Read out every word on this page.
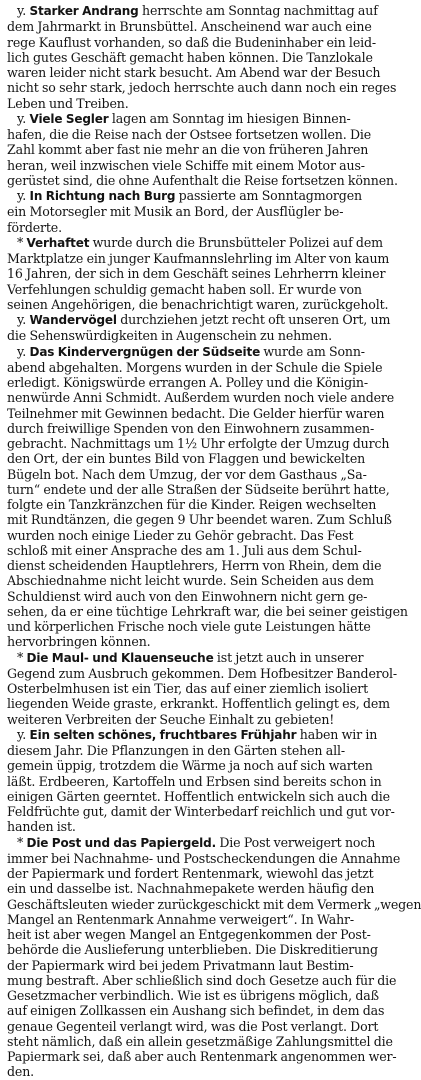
y. Starker Andrang herrschte am Sonntag nachmittag auf
dem Jahrmarkt in Brunsbüttel. Anscheinend war auch eine
rege Kauflust vorhanden, so daß die Budeninhaber ein leid-
lich gutes Geschäft gemacht haben können. Die Tanzlokale
waren leider nicht stark besucht. Am Abend war der Besuch
nicht so sehr stark, jedoch herrschte auch dann noch ein reges
Leben und Treiben.

y. Viele Segler lagen am Sonntag im hiesigen Binnen-
hafen, die die Reise nach der Ostsee fortsetzen wollen. Die
Zahl kommt aber fast nie mehr an die von früheren Jahren
heran, weil inzwischen viele Schiffe mit einem Motor aus-
gerüstet sind, die ohne Aufenthalt die Reise fortsetzen können.

y. In Richtung nach Burg passierte am Sonntagmorgen
ein Motorsegler mit Musik an Bord, der Ausflügler be-
förderte.

* Verhaftet wurde durch die Brunsbütteler Polizei auf dem
Marktplatze ein junger Kaufmannslehrling im Alter von kaum
16 Jahren, der sich in dem Geschäft seines Lehrherrn kleiner
Verfehlungen schuldig gemacht haben soll. Er wurde von
seinen Angehörigen, die benachrichtigt waren, zurückgeholt.

y. Wandervögel durchziehen jetzt recht oft unseren Ort, um
die Sehenswürdigkeiten in Augenschein zu nehmen.

y. Das Kindervergnügen der Südseite wurde am Sonn-
abend abgehalten. Morgens wurden in der Schule die Spiele
erledigt. Königswürde errangen A. Polley und die Königin-
nenwürde Anni Schmidt. Außerdem wurden noch viele andere
Teilnehmer mit Gewinnen bedacht. Die Gelder hierfür waren
durch freiwillige Spenden von den Einwohnern zusammen-
gebracht. Nachmittags um 1½ Uhr erfolgte der Umzug durch
den Ort, der ein buntes Bild von Flaggen und bewickelten
Bügeln bot. Nach dem Umzug, der vor dem Gasthaus „Sa-
turn“ endete und der alle Straßen der Südseite berührt hatte,
folgte ein Tanzkränzchen für die Kinder. Reigen wechselten
mit Rundtänzen, die gegen 9 Uhr beendet waren. Zum Schluß
wurden noch einige Lieder zu Gehör gebracht. Das Fest
schloß mit einer Ansprache des am 1. Juli aus dem Schul-
dienst scheidenden Hauptlehrers, Herrn von Rhein, dem die
Abschiednahme nicht leicht wurde. Sein Scheiden aus dem
Schuldienst wird auch von den Einwohnern nicht gern ge-
sehen, da er eine tüchtige Lehrkraft war, die bei seiner geistigen
und körperlichen Frische noch viele gute Leistungen hätte
hervorbringen können.

* Die Maul- und Klauenseuche ist jetzt auch in unserer
Gegend zum Ausbruch gekommen. Dem Hofbesitzer Banderol-
Osterbelmhusen ist ein Tier, das auf einer ziemlich isoliert
liegenden Weide graste, erkrankt. Hoffentlich gelingt es, dem
weiteren Verbreiten der Seuche Einhalt zu gebieten!

y. Ein selten schönes, fruchtbares Frühjahr haben wir in
diesem Jahr. Die Pflanzungen in den Gärten stehen all-
gemein üppig, trotzdem die Wärme ja noch auf sich warten
läßt. Erdbeeren, Kartoffeln und Erbsen sind bereits schon in
einigen Gärten geerntet. Hoffentlich entwickeln sich auch die
Feldfrüchte gut, damit der Winterbedarf reichlich und gut vor-
handen ist.

* Die Post und das Papiergeld. Die Post verweigert noch
immer bei Nachnahme- und Postscheckendungen die Annahme
der Papiermark und fordert Rentenmark, wiewohl das jetzt
ein und dasselbe ist. Nachnahmepakete werden häufig den
Geschäftsleuten wieder zurückgeschickt mit dem Vermerk „wegen
Mangel an Rentenmark Annahme verweigert“. In Wahr-
heit ist aber wegen Mangel an Entgegenkommen der Post-
behörde die Auslieferung unterblieben. Die Diskreditierung
der Papiermark wird bei jedem Privatmann laut Bestim-
mung bestraft. Aber schließlich sind doch Gesetze auch für die
Gesetzmacher verbindlich. Wie ist es übrigens möglich, daß
auf einigen Zollkassen ein Aushang sich befindet, in dem das
genaue Gegenteil verlangt wird, was die Post verlangt. Dort
steht nämlich, daß ein allein gesetzmäßige Zahlungsmittel die
Papiermark sei, daß aber auch Rentenmark angenommen wer-
den.
